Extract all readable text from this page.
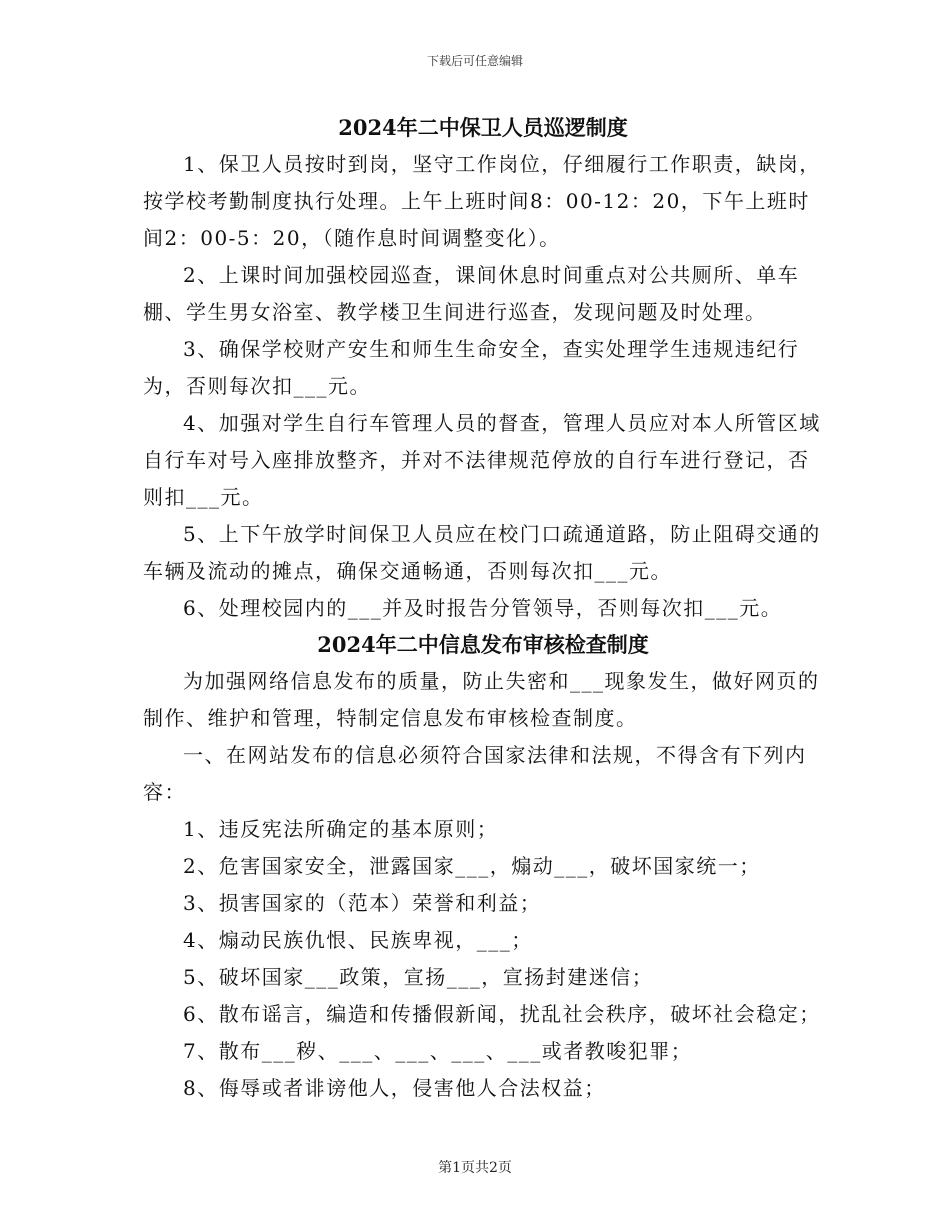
下载后可任意编辑
2024年二中保卫人员巡逻制度

1、保卫人员按时到岗，坚守工作岗位，仔细履行工作职责，缺岗，按学校考勤制度执行处理。上午上班时间8：00-12：20，下午上班时间2：00-5：20，（随作息时间调整变化）。

2、上课时间加强校园巡查，课间休息时间重点对公共厕所、单车棚、学生男女浴室、教学楼卫生间进行巡查，发现问题及时处理。

3、确保学校财产安生和师生生命安全，查实处理学生违规违纪行为，否则每次扣___元。

4、加强对学生自行车管理人员的督查，管理人员应对本人所管区域自行车对号入座排放整齐，并对不法律规范停放的自行车进行登记，否则扣___元。

5、上下午放学时间保卫人员应在校门口疏通道路，防止阻碍交通的车辆及流动的摊点，确保交通畅通，否则每次扣___元。

6、处理校园内的___并及时报告分管领导，否则每次扣___元。

2024年二中信息发布审核检查制度

为加强网络信息发布的质量，防止失密和___现象发生，做好网页的制作、维护和管理，特制定信息发布审核检查制度。

一、在网站发布的信息必须符合国家法律和法规，不得含有下列内容：

1、违反宪法所确定的基本原则；

2、危害国家安全，泄露国家___，煽动___，破坏国家统一；

3、损害国家的（范本）荣誉和利益；

4、煽动民族仇恨、民族卑视，___；

5、破坏国家___政策，宣扬___，宣扬封建迷信；

6、散布谣言，编造和传播假新闻，扰乱社会秩序，破坏社会稳定；

7、散布___秽、___、___、___、___或者教唆犯罪；

8、侮辱或者诽谤他人，侵害他人合法权益；

第1页共2页
